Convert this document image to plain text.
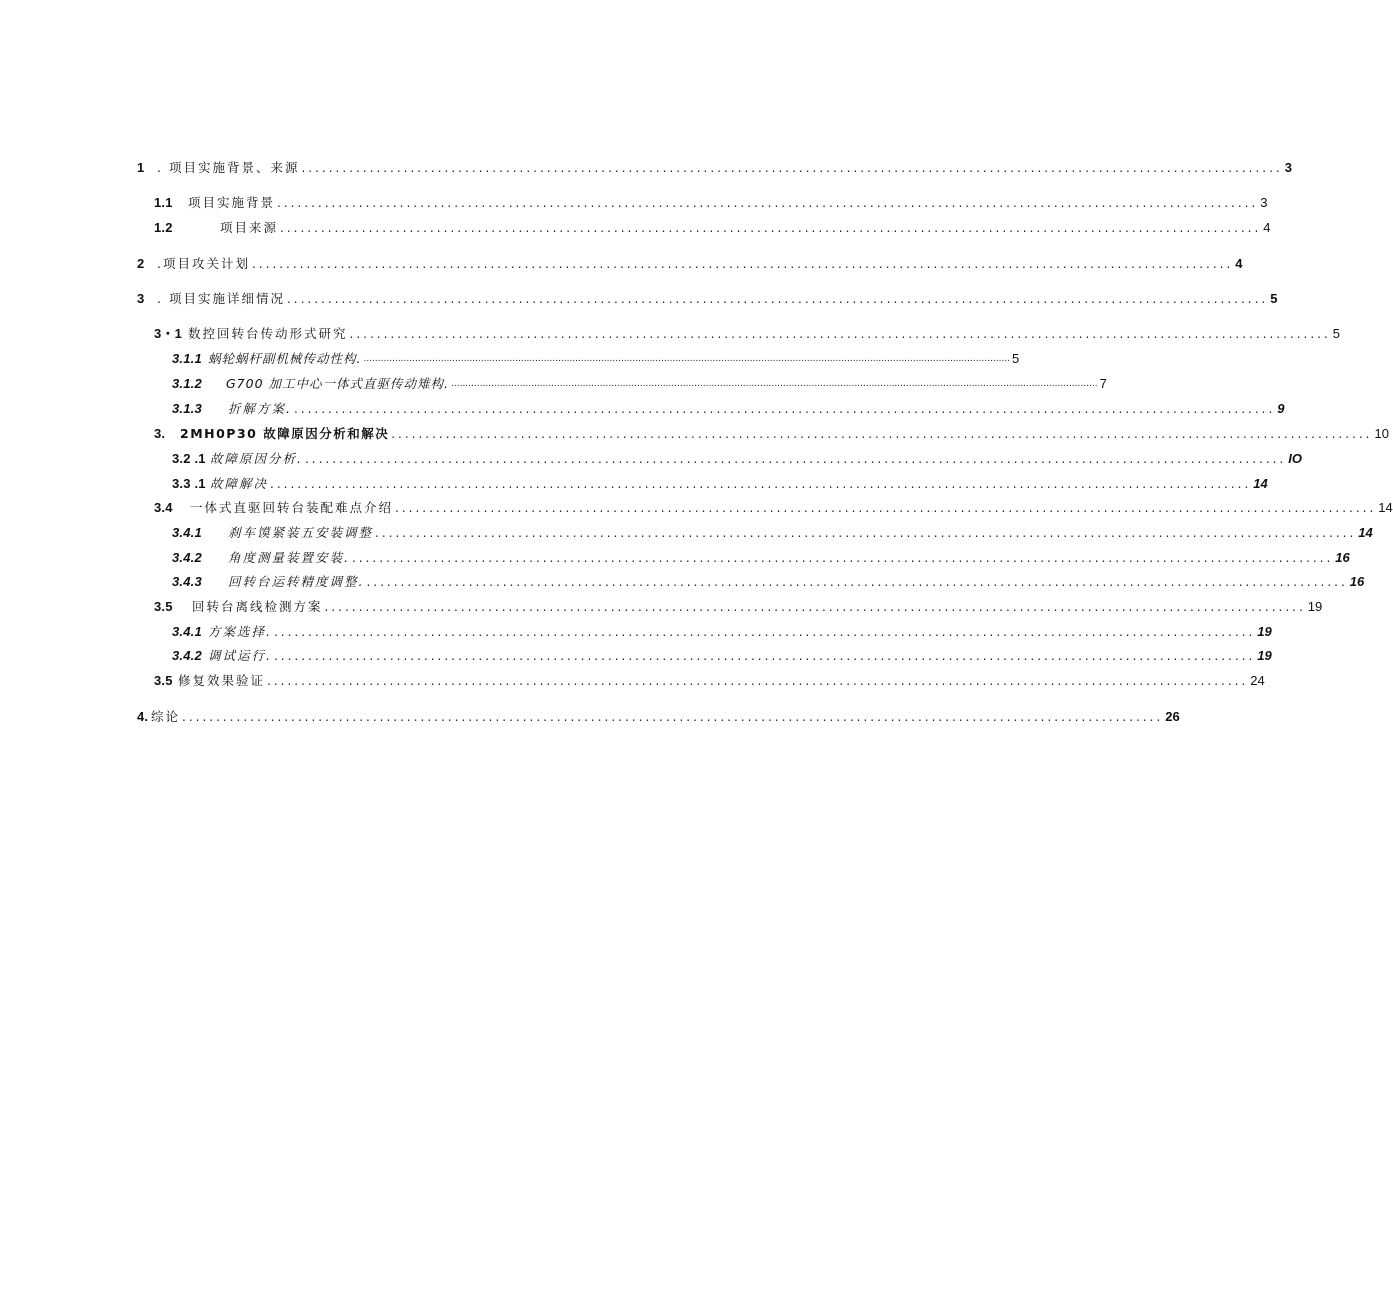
1	. 项目实施背景、来源 ................................................................................................................................................ 3
1.1	项目实施背景 ................................................................................................................................................ 3
1.2	项目来源 ................................................................................................................................................ 4
2	.项目攻关计划 ................................................................................................................................................ 4
3	. 项目实施详细情况 ................................................................................................................................................ 5
3・1 数控回转台传动形式研究 ................................................................................................................................................ 5
3.1.1 蜗轮蜗杆副机械传动性构. .................................................................................................................................................................................................................................. 5
3.1.2	G700 加工中心一体式直驱传动雉构. .................................................................................................................................................................................................................................. 7
3.1.3	折解方案. ................................................................................................................................................ 9
3.	2MH0P30 故障原因分析和解决 ................................................................................................................................................ 10
3.2 .1 故障原因分析. ................................................................................................................................................ IO
3.3 .1 故障解决 ................................................................................................................................................ 14
3.4	一体式直驱回转台装配难点介绍 ................................................................................................................................................ 14
3.4.1	刹车馍紧装五安装调整 ................................................................................................................................................ 14
3.4.2	角度测量装置安装. ................................................................................................................................................ 16
3.4.3	回转台运转精度调整. ................................................................................................................................................ 16
3.5	回转台离线检测方案 ................................................................................................................................................ 19
3.4.1 方案选择. ................................................................................................................................................ 19
3.4.2 调试运行. ................................................................................................................................................ 19
3.5 修复效果验证 ................................................................................................................................................ 24
4. 综论 ................................................................................................................................................ 26
